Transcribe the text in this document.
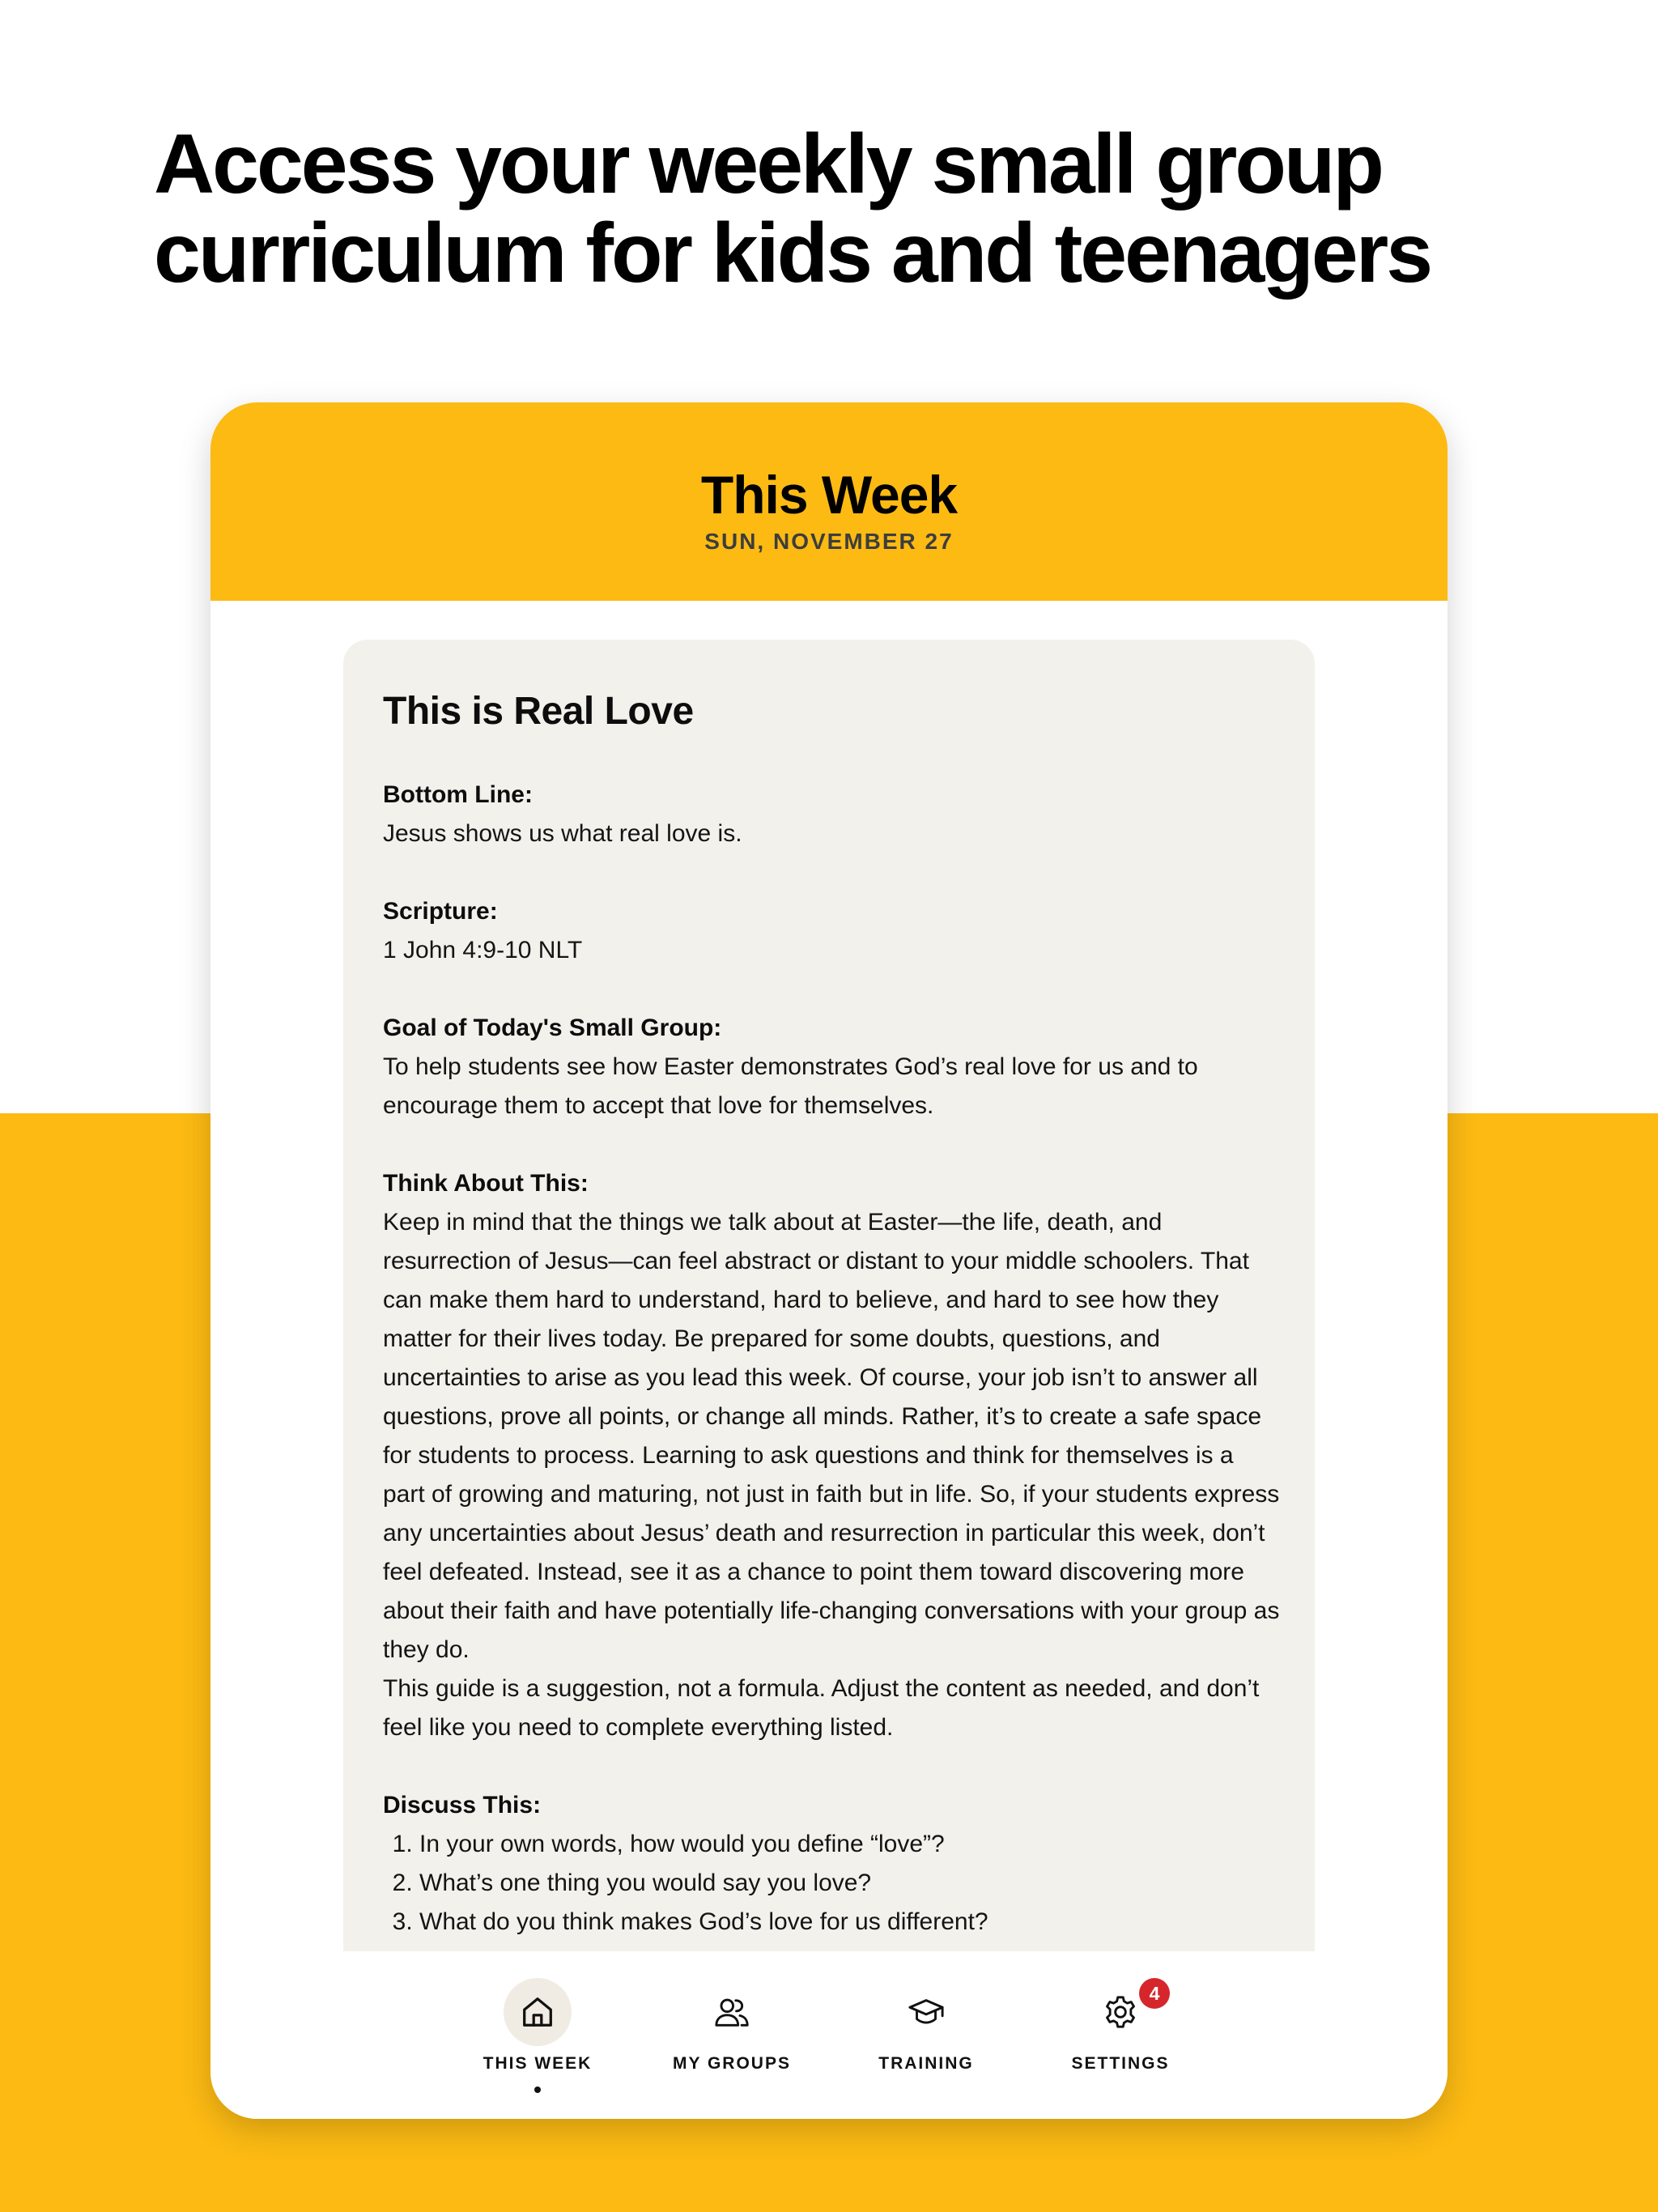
Access your weekly small group curriculum for kids and teenagers
This Week
SUN, NOVEMBER 27
This is Real Love
Bottom Line:
Jesus shows us what real love is.
Scripture:
1 John 4:9-10 NLT
Goal of Today's Small Group:
To help students see how Easter demonstrates God’s real love for us and to encourage them to accept that love for themselves.
Think About This:
Keep in mind that the things we talk about at Easter—the life, death, and resurrection of Jesus—can feel abstract or distant to your middle schoolers. That can make them hard to understand, hard to believe, and hard to see how they matter for their lives today. Be prepared for some doubts, questions, and uncertainties to arise as you lead this week. Of course, your job isn’t to answer all questions, prove all points, or change all minds. Rather, it’s to create a safe space for students to process. Learning to ask questions and think for themselves is a part of growing and maturing, not just in faith but in life. So, if your students express any uncertainties about Jesus’ death and resurrection in particular this week, don’t feel defeated. Instead, see it as a chance to point them toward discovering more about their faith and have potentially life-changing conversations with your group as they do.
This guide is a suggestion, not a formula. Adjust the content as needed, and don’t feel like you need to complete everything listed.
Discuss This:
1. In your own words, how would you define “love”?
2. What’s one thing you would say you love?
3. What do you think makes God’s love for us different?
THIS WEEK	MY GROUPS	TRAINING
4
SETTINGS
